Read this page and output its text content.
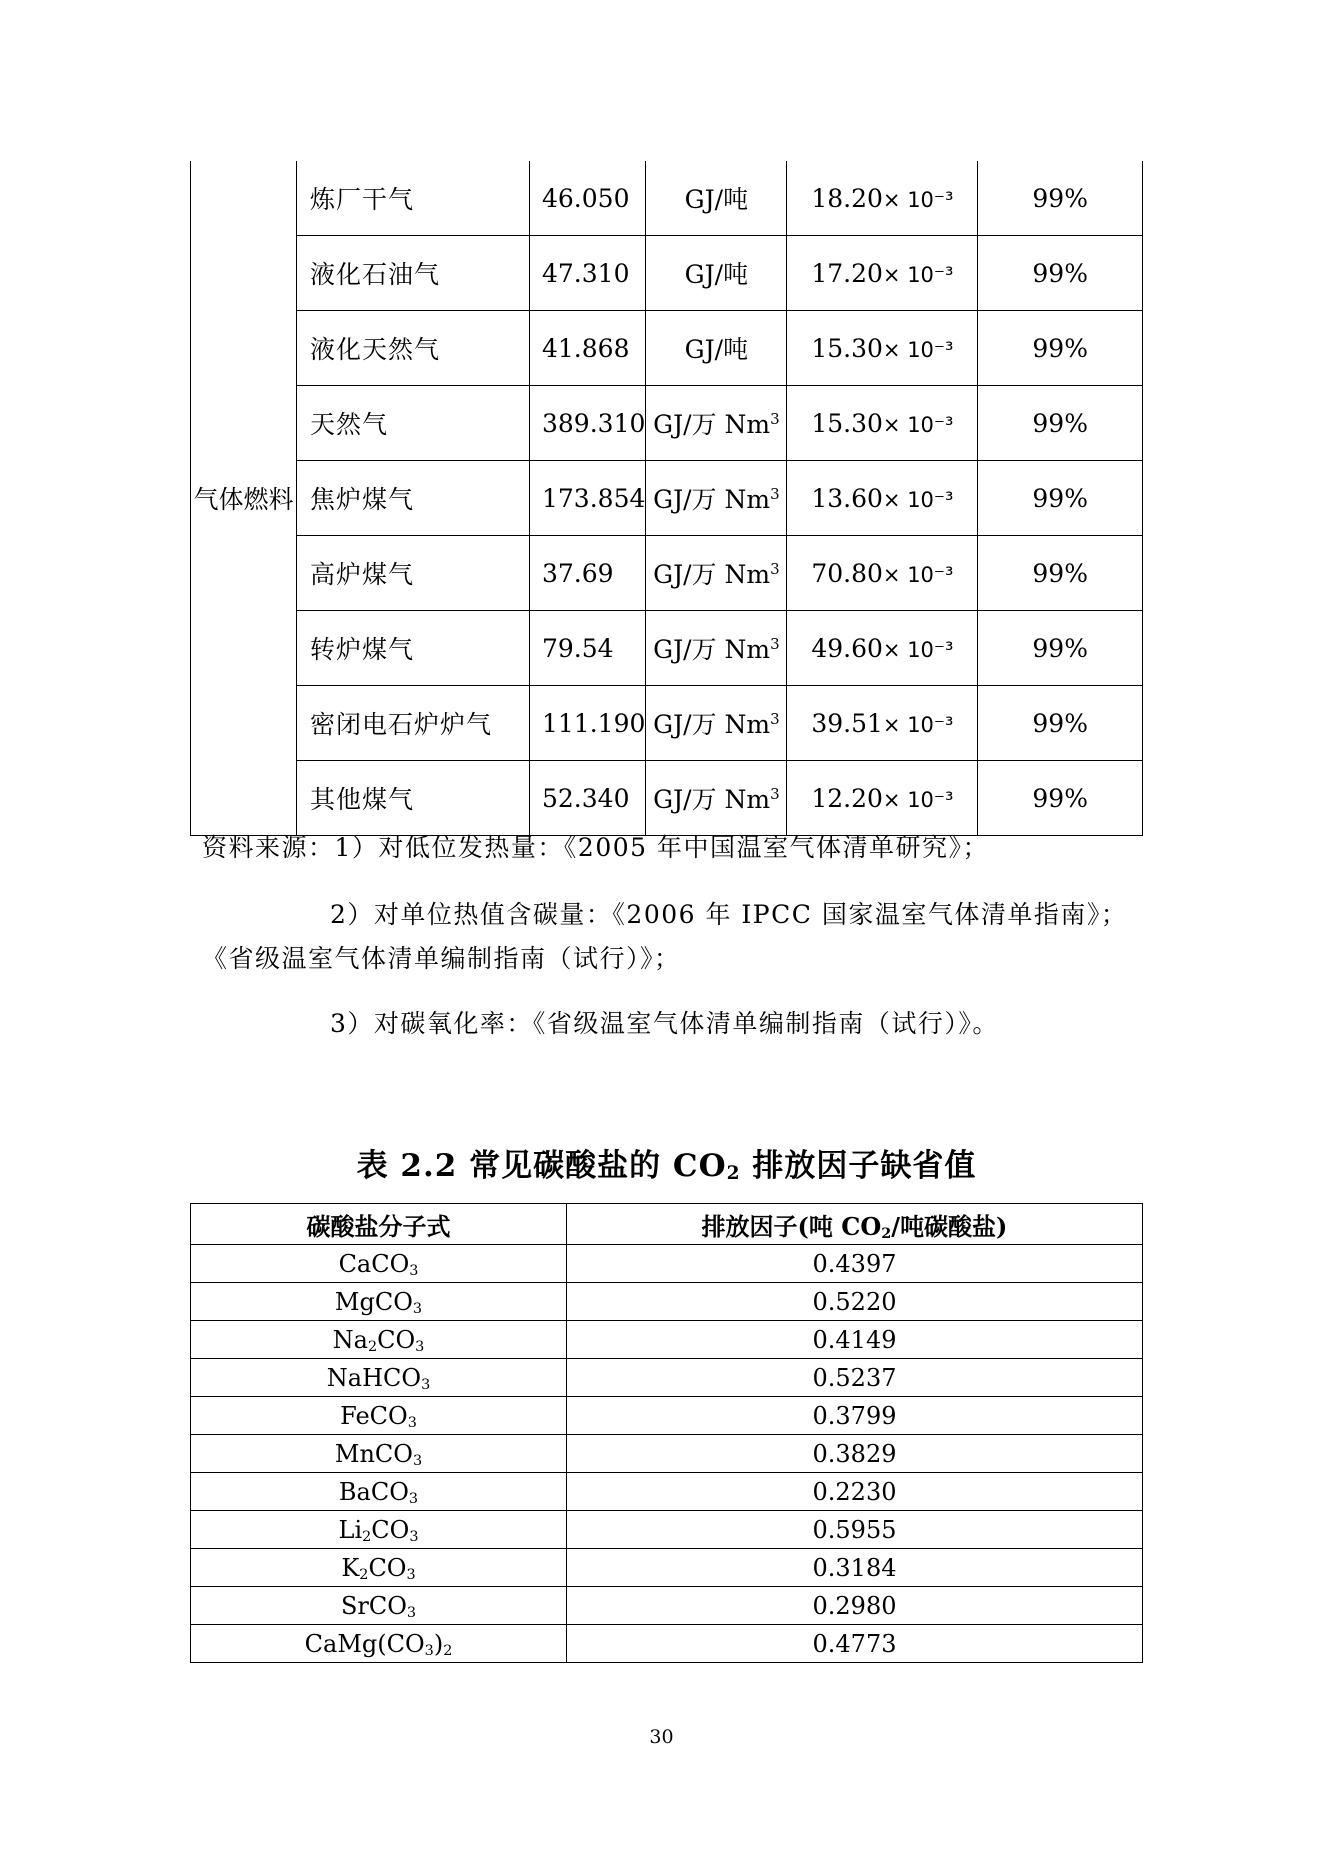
气体燃料	炼厂干气	46.050	GJ/吨	18.20× 10⁻³	99%
	液化石油气	47.310	GJ/吨	17.20× 10⁻³	99%
	液化天然气	41.868	GJ/吨	15.30× 10⁻³	99%
	天然气	389.310	GJ/万 Nm$^3$	15.30× 10⁻³	99%
	焦炉煤气	173.854	GJ/万 Nm$^3$	13.60× 10⁻³	99%
	高炉煤气	37.69	GJ/万 Nm$^3$	70.80× 10⁻³	99%
	转炉煤气	79.54	GJ/万 Nm$^3$	49.60× 10⁻³	99%
	密闭电石炉炉气	111.190	GJ/万 Nm$^3$	39.51× 10⁻³	99%
	其他煤气	52.340	GJ/万 Nm$^3$	12.20× 10⁻³	99%

资料来源：1）对低位发热量：《2005 年中国温室气体清单研究》；

2）对单位热值含碳量：《2006 年 IPCC 国家温室气体清单指南》；《省级温室气体清单编制指南（试行）》；

3）对碳氧化率：《省级温室气体清单编制指南（试行）》。

表 2.2 常见碳酸盐的 $CO_2$ 排放因子缺省值
碳酸盐分子式	排放因子(吨 $CO_2/$吨碳酸盐)
CaCO$_3$	0.4397
MgCO$_3$	0.5220
$Na_2CO_3$	0.4149
NaHCO$_3$	0.5237
FeCO$_3$	0.3799
MnCO$_3$	0.3829
BaCO$_3$	0.2230
$Li_2CO_3$	0.5955
$K_2CO_3$	0.3184
SrCO$_3$	0.2980
$CaMg(CO_3)_2$	0.4773
30
